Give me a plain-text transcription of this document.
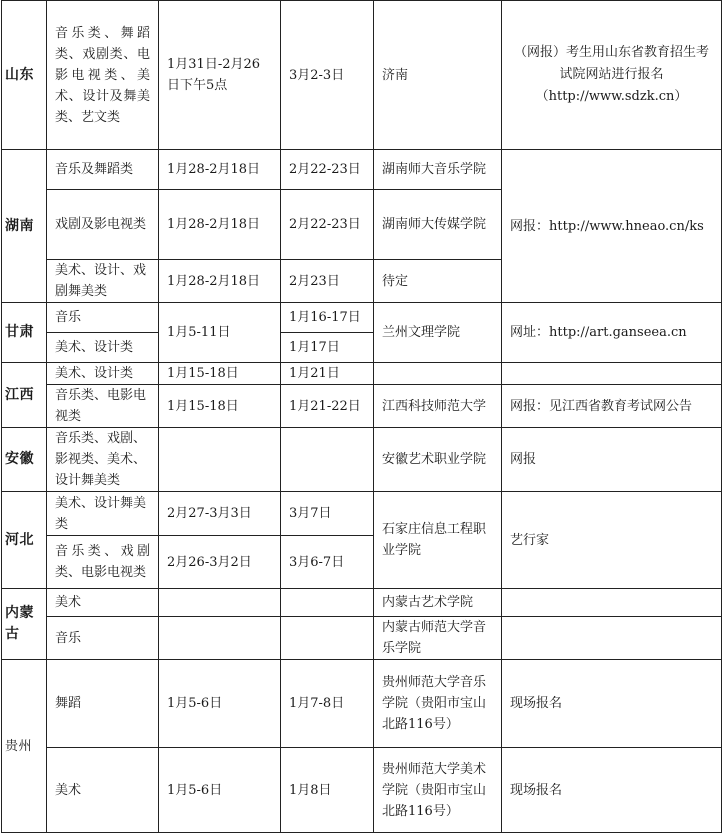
山东	音乐类、舞蹈类、戏剧类、电影电视类、美术、设计及舞美类、艺文类	1月31日-2月26日下午5点	3月2-3日	济南	（网报）考生用山东省教育招生考试院网站进行报名（http://www.sdzk.cn）
湖南	音乐及舞蹈类	1月28-2月18日	2月22-23日	湖南师大音乐学院	网报：http://www.hneao.cn/ks
	戏剧及影电视类	1月28-2月18日	2月22-23日	湖南师大传媒学院	
	美术、设计、戏剧舞美类	1月28-2月18日	2月23日	待定	
甘肃	音乐	1月5-11日	1月16-17日	兰州文理学院	网址：http://art.ganseea.cn
	美术、设计类		1月17日		
江西	美术、设计类	1月15-18日	1月21日		
	音乐类、电影电视类	1月15-18日	1月21-22日	江西科技师范大学	网报：见江西省教育考试网公告
安徽	音乐类、戏剧、影视类、美术、设计舞美类			安徽艺术职业学院	网报
河北	美术、设计舞美类	2月27-3月3日	3月7日	石家庄信息工程职业学院	艺行家
	音乐类、戏剧类、电影电视类	2月26-3月2日	3月6-7日		
内蒙古	美术			内蒙古艺术学院	
	音乐			内蒙古师范大学音乐学院	
贵州	舞蹈	1月5-6日	1月7-8日	贵州师范大学音乐学院（贵阳市宝山北路116号）	现场报名
	美术	1月5-6日	1月8日	贵州师范大学美术学院（贵阳市宝山北路116号）	现场报名
